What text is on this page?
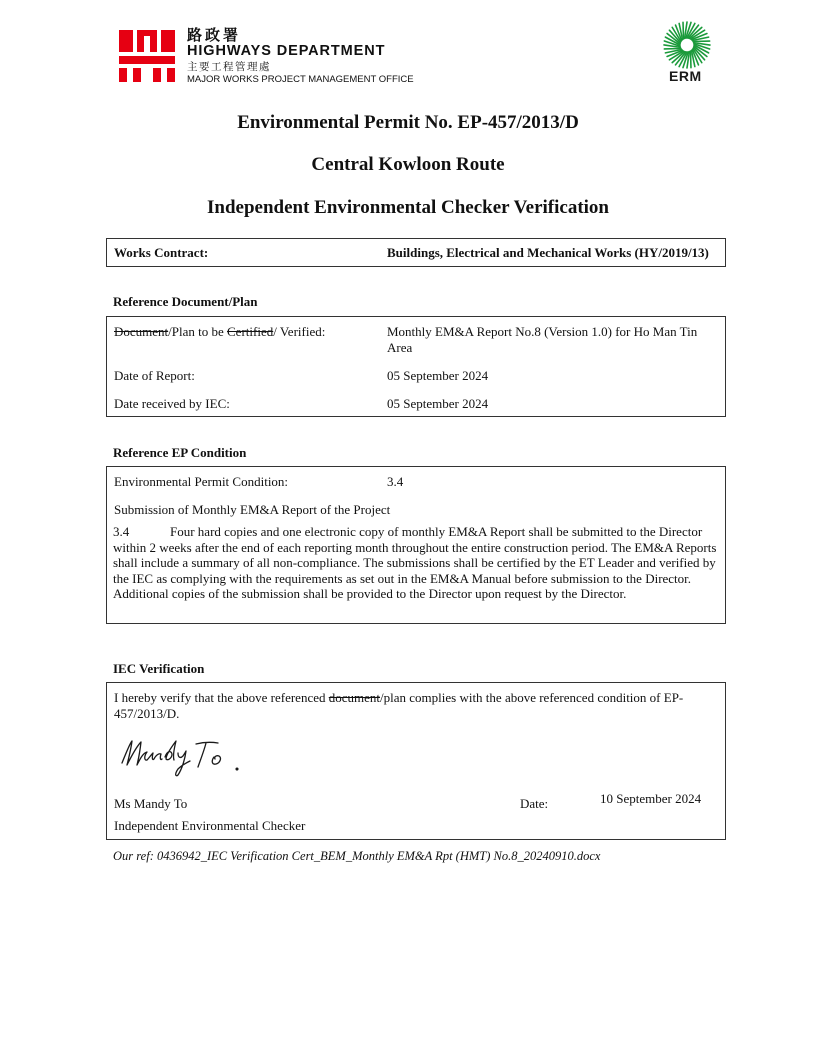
路政署
HIGHWAYS DEPARTMENT
主要工程管理處
MAJOR WORKS PROJECT MANAGEMENT OFFICE	ERM
Environmental Permit No. EP-457/2013/D
Central Kowloon Route
Independent Environmental Checker Verification
Works Contract:	Buildings, Electrical and Mechanical Works (HY/2019/13)
Reference Document/Plan
Document/Plan to be Certified/ Verified:	Monthly EM&A Report No.8 (Version 1.0) for Ho Man Tin Area
Date of Report:	05 September 2024
Date received by IEC:	05 September 2024
Reference EP Condition
Environmental Permit Condition:	3.4
Submission of Monthly EM&A Report of the Project
3.4	Four hard copies and one electronic copy of monthly EM&A Report shall be submitted to the Director within 2 weeks after the end of each reporting month throughout the entire construction period. The EM&A Reports shall include a summary of all non-compliance. The submissions shall be certified by the ET Leader and verified by the IEC as complying with the requirements as set out in the EM&A Manual before submission to the Director. Additional copies of the submission shall be provided to the Director upon request by the Director.
IEC Verification
I hereby verify that the above referenced document/plan complies with the above referenced condition of EP-457/2013/D.
Ms Mandy To
Independent Environmental Checker
Date:	10 September 2024
Our ref: 0436942_IEC Verification Cert_BEM_Monthly EM&A Rpt (HMT) No.8_20240910.docx
